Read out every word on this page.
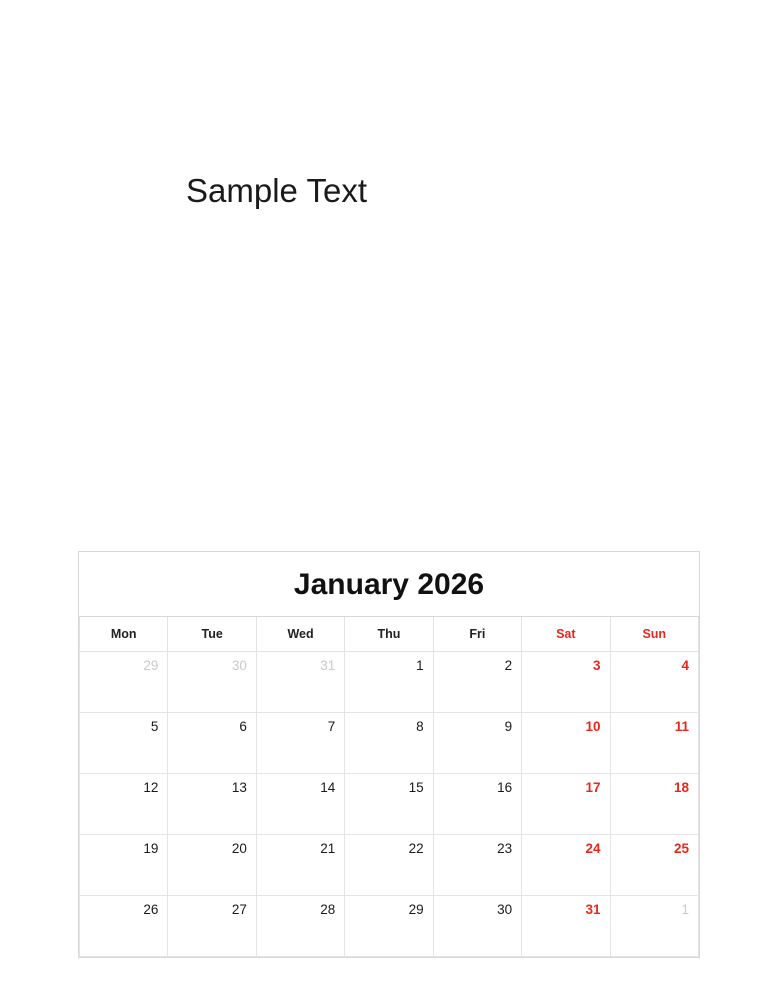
Sample Text
January 2026
Mon	Tue	Wed	Thu	Fri	Sat	Sun
29	30	31	1	2	3	4
5	6	7	8	9	10	11
12	13	14	15	16	17	18
19	20	21	22	23	24	25
26	27	28	29	30	31	1
